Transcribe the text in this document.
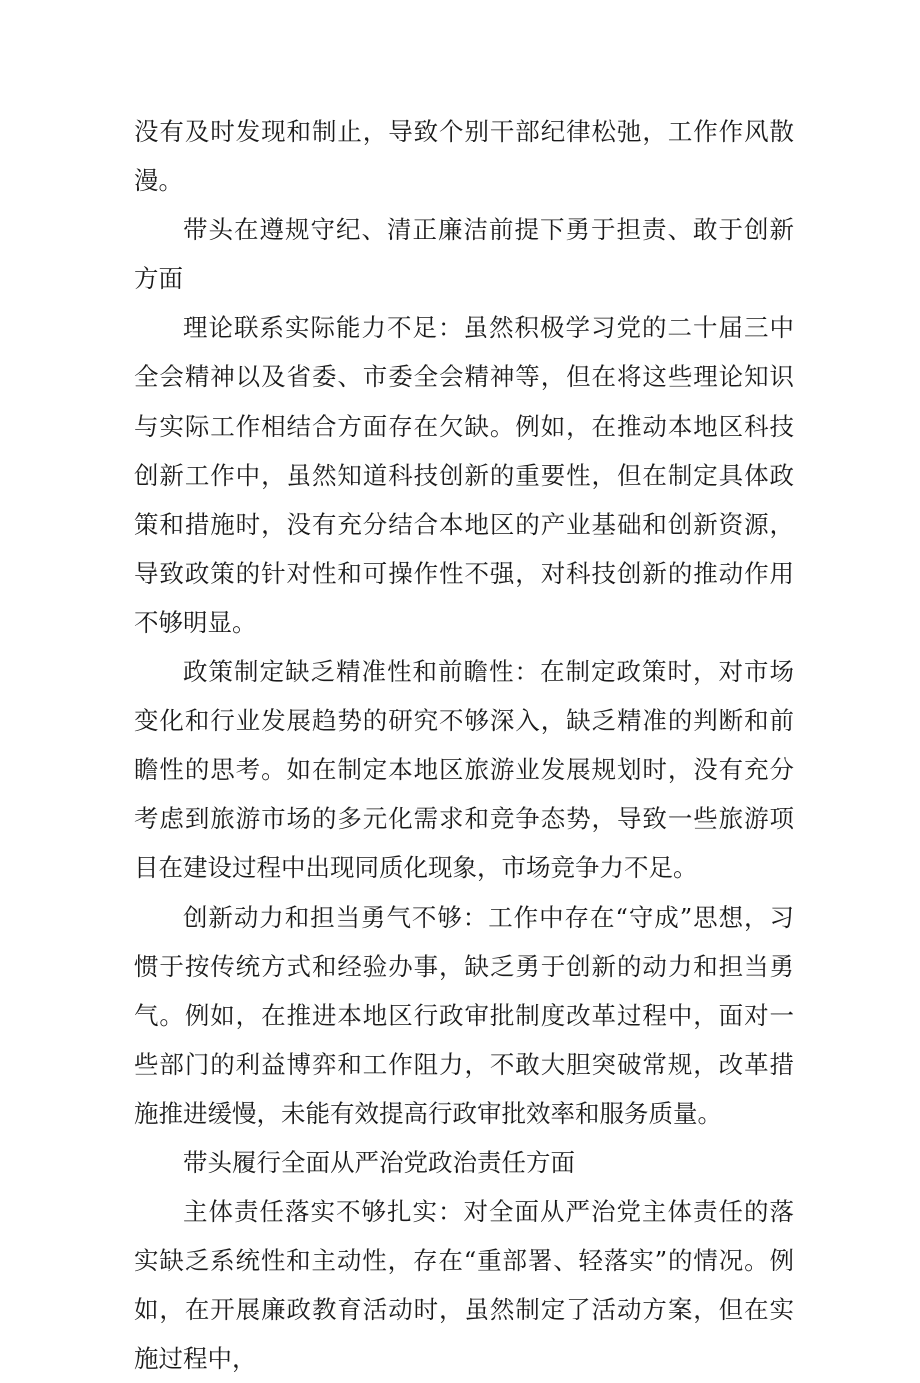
没有及时发现和制止，导致个别干部纪律松弛，工作作风散漫。

带头在遵规守纪、清正廉洁前提下勇于担责、敢于创新方面

理论联系实际能力不足：虽然积极学习党的二十届三中全会精神以及省委、市委全会精神等，但在将这些理论知识与实际工作相结合方面存在欠缺。例如，在推动本地区科技创新工作中，虽然知道科技创新的重要性，但在制定具体政策和措施时，没有充分结合本地区的产业基础和创新资源，导致政策的针对性和可操作性不强，对科技创新的推动作用不够明显。

政策制定缺乏精准性和前瞻性：在制定政策时，对市场变化和行业发展趋势的研究不够深入，缺乏精准的判断和前瞻性的思考。如在制定本地区旅游业发展规划时，没有充分考虑到旅游市场的多元化需求和竞争态势，导致一些旅游项目在建设过程中出现同质化现象，市场竞争力不足。

创新动力和担当勇气不够：工作中存在“守成”思想，习惯于按传统方式和经验办事，缺乏勇于创新的动力和担当勇气。例如，在推进本地区行政审批制度改革过程中，面对一些部门的利益博弈和工作阻力，不敢大胆突破常规，改革措施推进缓慢，未能有效提高行政审批效率和服务质量。

带头履行全面从严治党政治责任方面

主体责任落实不够扎实：对全面从严治党主体责任的落实缺乏系统性和主动性，存在“重部署、轻落实”的情况。例如，在开展廉政教育活动时，虽然制定了活动方案，但在实施过程中，
